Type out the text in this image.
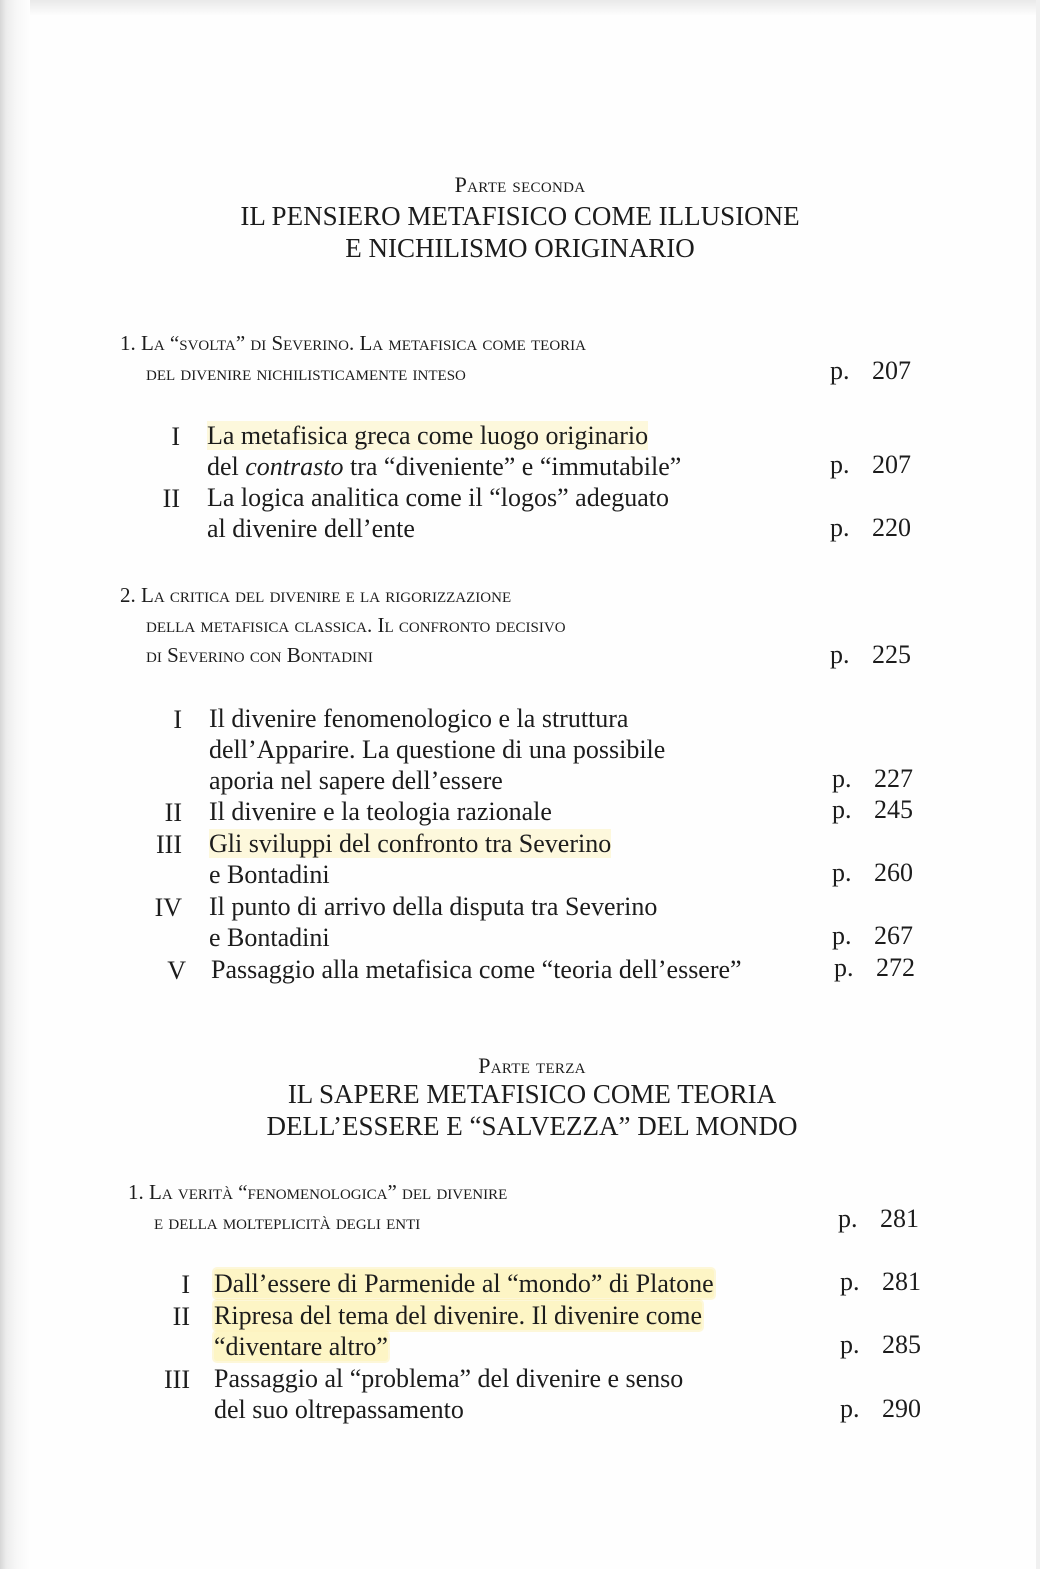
Parte seconda
IL PENSIERO METAFISICO COME ILLUSIONE
E NICHILISMO ORIGINARIO
1. La “svolta” di Severino. La metafisica come teoria
del divenire nichilisticamente inteso	p. 207
I La metafisica greca come luogo originario
del contrasto tra “diveniente” e “immutabile”	p. 207
II La logica analitica come il “logos” adeguato
al divenire dell’ente	p. 220
2. La critica del divenire e la rigorizzazione
della metafisica classica. Il confronto decisivo
di Severino con Bontadini	p. 225
I Il divenire fenomenologico e la struttura
dell’Apparire. La questione di una possibile
aporia nel sapere dell’essere	p. 227
II Il divenire e la teologia razionale	p. 245
III Gli sviluppi del confronto tra Severino
e Bontadini	p. 260
IV Il punto di arrivo della disputa tra Severino
e Bontadini	p. 267
V Passaggio alla metafisica come “teoria dell’essere”	p. 272
Parte terza
IL SAPERE METAFISICO COME TEORIA
DELL’ESSERE E “SALVEZZA” DEL MONDO
1. La verità “fenomenologica” del divenire
e della molteplicità degli enti	p. 281
I Dall’essere di Parmenide al “mondo” di Platone	p. 281
II Ripresa del tema del divenire. Il divenire come
“diventare altro”	p. 285
III Passaggio al “problema” del divenire e senso
del suo oltrepassamento	p. 290
